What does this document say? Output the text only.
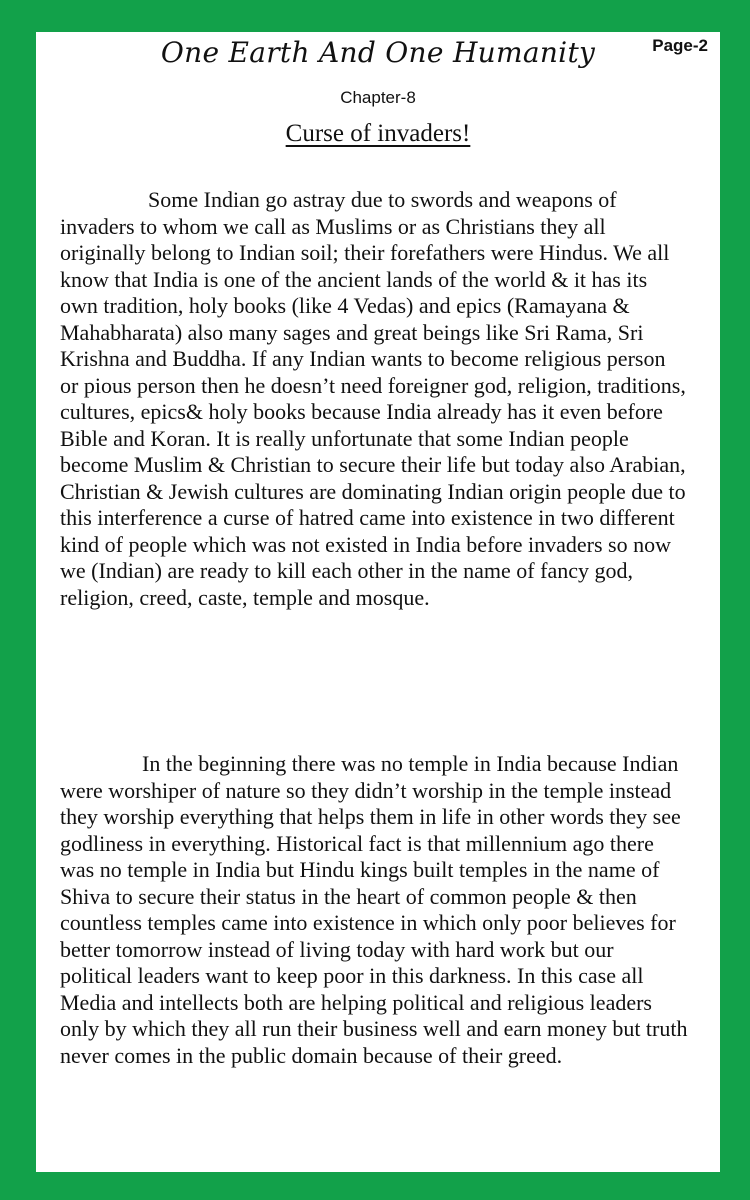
One Earth And One Humanity	Page-2
Chapter-8
Curse of invaders!

Some Indian go astray due to swords and weapons of invaders to whom we call as Muslims or as Christians they all originally belong to Indian soil; their forefathers were Hindus. We all know that India is one of the ancient lands of the world & it has its own tradition, holy books (like 4 Vedas) and epics (Ramayana & Mahabharata) also many sages and great beings like Sri Rama, Sri Krishna and Buddha. If any Indian wants to become religious person or pious person then he doesn’t need foreigner god, religion, traditions, cultures, epics& holy books because India already has it even before Bible and Koran. It is really unfortunate that some Indian people become Muslim & Christian to secure their life but today also Arabian, Christian & Jewish cultures are dominating Indian origin people due to this interference a curse of hatred came into existence in two different kind of people which was not existed in India before invaders so now we (Indian) are ready to kill each other in the name of fancy god, religion, creed, caste, temple and mosque.

In the beginning there was no temple in India because Indian were worshiper of nature so they didn’t worship in the temple instead they worship everything that helps them in life in other words they see godliness in everything. Historical fact is that millennium ago there was no temple in India but Hindu kings built temples in the name of Shiva to secure their status in the heart of common people & then countless temples came into existence in which only poor believes for better tomorrow instead of living today with hard work but our political leaders want to keep poor in this darkness. In this case all Media and intellects both are helping political and religious leaders only by which they all run their business well and earn money but truth never comes in the public domain because of their greed.
